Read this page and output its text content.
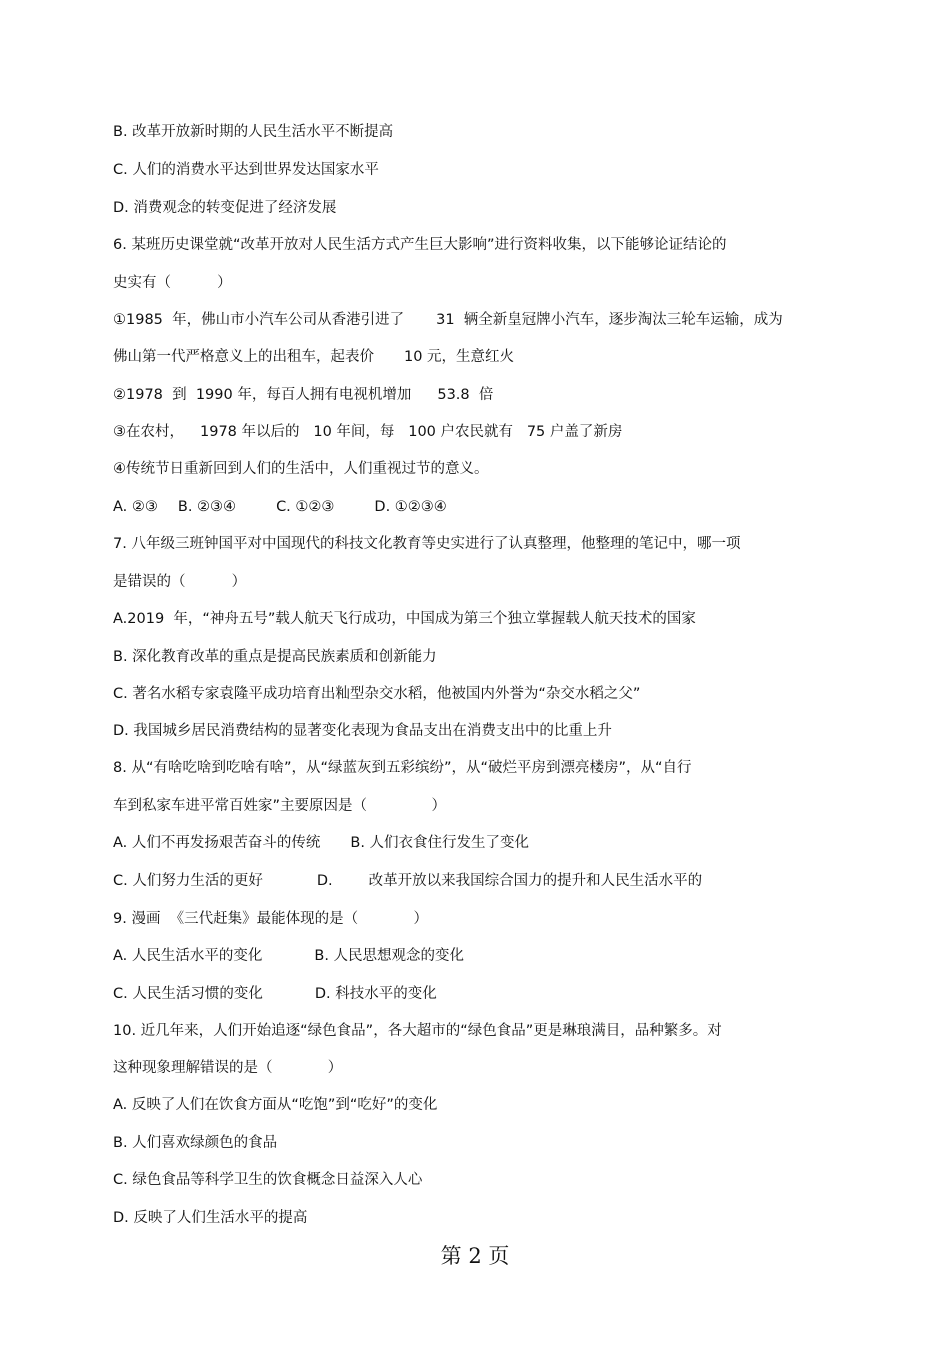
B. 改革开放新时期的人民生活水平不断提高
C. 人们的消费水平达到世界发达国家水平
D. 消费观念的转变促进了经济发展
6. 某班历史课堂就“改革开放对人民生活方式产生巨大影响”进行资料收集，以下能够论证结论的
史实有（          ）
①1985  年，佛山市小汽车公司从香港引进了 31  辆全新皇冠牌小汽车，逐步淘汰三轮车运输，成为
佛山第一代严格意义上的出租车，起表价 10 元，生意红火
②1978  到  1990 年，每百人拥有电视机增加 53.8  倍
③在农村， 1978 年以后的   10 年间，每   100 户农民就有   75 户盖了新房
④传统节日重新回到人们的生活中，人们重视过节的意义。
A. ②③ B. ②③④	C. ①②③	D. ①②③④
7. 八年级三班钟国平对中国现代的科技文化教育等史实进行了认真整理，他整理的笔记中，哪一项
是错误的（          ）
A.2019  年，“神舟五号”载人航天飞行成功，中国成为第三个独立掌握载人航天技术的国家
B. 深化教育改革的重点是提高民族素质和创新能力
C. 著名水稻专家袁隆平成功培育出籼型杂交水稻，他被国内外誉为“杂交水稻之父”
D. 我国城乡居民消费结构的显著变化表现为食品支出在消费支出中的比重上升
8. 从“有啥吃啥到吃啥有啥”，从“绿蓝灰到五彩缤纷”，从“破烂平房到漂亮楼房”，从“自行
车到私家车进平常百姓家”主要原因是（              ）
A. 人们不再发扬艰苦奋斗的传统 B. 人们衣食住行发生了变化
C. 人们努力生活的更好	D. 改革开放以来我国综合国力的提升和人民生活水平的
9. 漫画  《三代赶集》最能体现的是（            ）
A. 人民生活水平的变化	B. 人民思想观念的变化
C. 人民生活习惯的变化	D. 科技水平的变化
10. 近几年来，人们开始追逐“绿色食品”，各大超市的“绿色食品”更是琳琅满目，品种繁多。对
这种现象理解错误的是（            ）
A. 反映了人们在饮食方面从“吃饱”到“吃好”的变化
B. 人们喜欢绿颜色的食品
C. 绿色食品等科学卫生的饮食概念日益深入人心
D. 反映了人们生活水平的提高
第 2 页
